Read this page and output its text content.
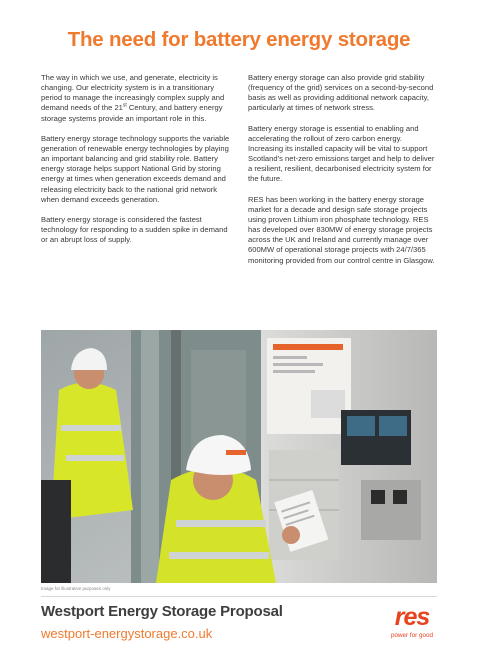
The need for battery energy storage

The way in which we use, and generate, electricity is changing. Our electricity system is in a transitionary period to manage the increasingly complex supply and demand needs of the 21st Century, and battery energy storage systems provide an important role in this.

Battery energy storage technology supports the variable generation of renewable energy technologies by playing an important balancing and grid stability role. Battery energy storage helps support National Grid by storing energy at times when generation exceeds demand and releasing electricity back to the national grid network when demand exceeds generation.

Battery energy storage is considered the fastest technology for responding to a sudden spike in demand or an abrupt loss of supply.

Battery energy storage can also provide grid stability (frequency of the grid) services on a second-by-second basis as well as providing additional network capacity, particularly at times of network stress.

Battery energy storage is essential to enabling and accelerating the rollout of zero carbon energy. Increasing its installed capacity will be vital to support Scotland’s net-zero emissions target and help to deliver a resilient, resilient, decarbonised electricity system for the future.

RES has been working in the battery energy storage market for a decade and design safe storage projects using proven Lithium iron phosphate technology. RES has developed over 830MW of energy storage projects across the UK and Ireland and currently manage over 600MW of operational storage projects with 24/7/365 monitoring provided from our control centre in Glasgow.

Image for illustrative purposes only
Westport Energy Storage Proposal
westport-energystorage.co.uk
res
power for good
